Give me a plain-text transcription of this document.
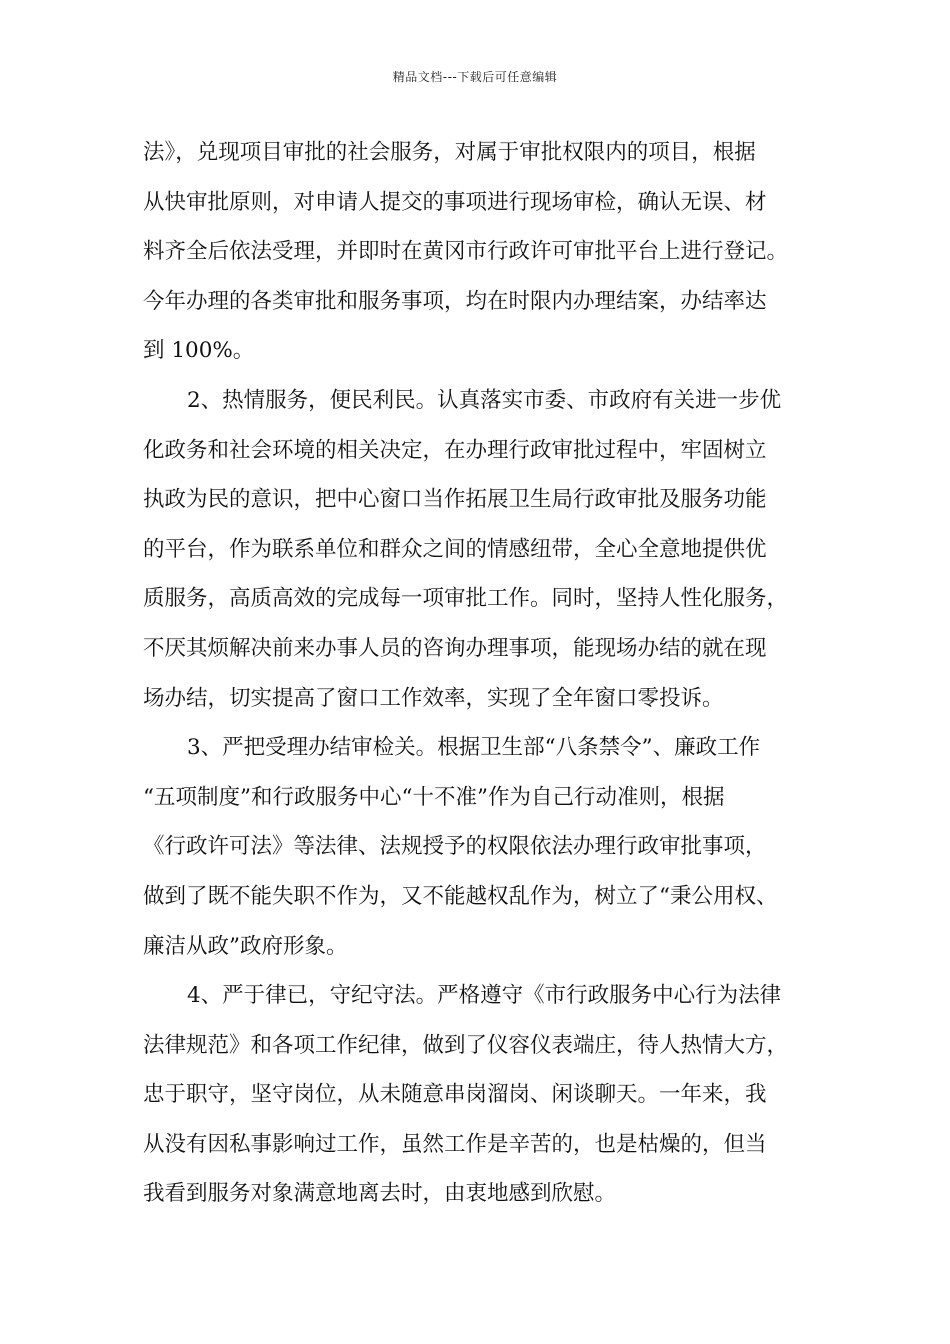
精品文档---下载后可任意编辑
法》，兑现项目审批的社会服务，对属于审批权限内的项目，根据
从快审批原则，对申请人提交的事项进行现场审检，确认无误、材
料齐全后依法受理，并即时在黄冈市行政许可审批平台上进行登记。
今年办理的各类审批和服务事项，均在时限内办理结案，办结率达
到 100%。
2、热情服务，便民利民。认真落实市委、市政府有关进一步优
化政务和社会环境的相关决定，在办理行政审批过程中，牢固树立
执政为民的意识，把中心窗口当作拓展卫生局行政审批及服务功能
的平台，作为联系单位和群众之间的情感纽带，全心全意地提供优
质服务，高质高效的完成每一项审批工作。同时，坚持人性化服务，
不厌其烦解决前来办事人员的咨询办理事项，能现场办结的就在现
场办结，切实提高了窗口工作效率，实现了全年窗口零投诉。
3、严把受理办结审检关。根据卫生部“八条禁令”、廉政工作
“五项制度”和行政服务中心“十不准”作为自己行动准则，根据
《行政许可法》等法律、法规授予的权限依法办理行政审批事项，
做到了既不能失职不作为，又不能越权乱作为，树立了“秉公用权、
廉洁从政”政府形象。
4、严于律已，守纪守法。严格遵守《市行政服务中心行为法律
法律规范》和各项工作纪律，做到了仪容仪表端庄，待人热情大方，
忠于职守，坚守岗位，从未随意串岗溜岗、闲谈聊天。一年来，我
从没有因私事影响过工作，虽然工作是辛苦的，也是枯燥的，但当
我看到服务对象满意地离去时，由衷地感到欣慰。
